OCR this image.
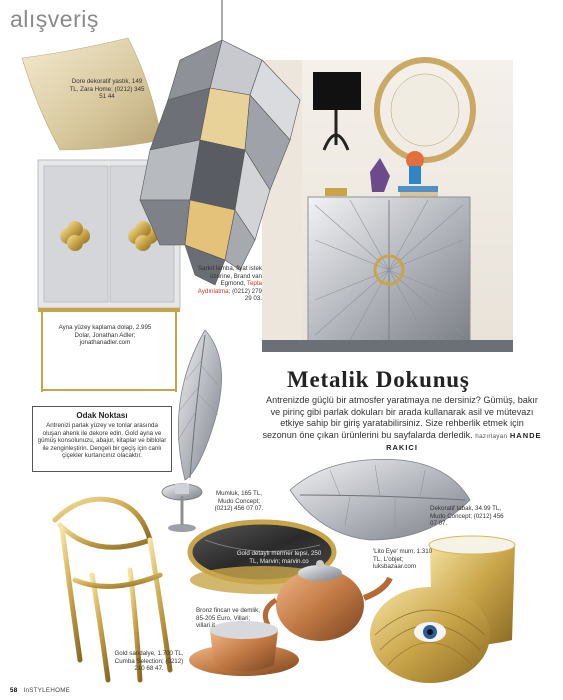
alışveriş
Dore dekoratif yastık, 149 TL, Zara Home; (0212) 345 51 44
Sarkıt lamba, fiyat istek üzerine, Brand van Egmond, Tepta Aydınlatma; (0212) 279 29 03.
Ayna yüzey kaplama dolap, 2.995 Dolar, Jonathan Adler; jonathanadler.com
Mumluk, 165 TL, Mudo Concept; (0212) 456 07 07.	Dekoratif tabak, 34.99 TL, Mudo Concept; (0212) 456 07 07.
Gold detaylı mermer tepsi, 250 TL, Marvin; marvin.co
'Lito Eye' mum, 1.310 TL, L'objet; luksbazaar.com
Bronz fincan ve demlik, 85-205 Euro, Villari; villari.it
Gold sandalye, 1.700 TL, Cumba Selection; (0212) 210 68 47.
Odak Noktası
Antrenizi parlak yüzey ve tonlar arasında oluşan ahenk ile dekore edin. Gold ayna ve gümüş konsolunuzu, abajur, kitaplar ve biblolar ile zenginleştirin. Dengeli bir geçiş için canlı çiçekler kurtarıcınız olacaktır.
Metalik Dokunuş
Antrenizde güçlü bir atmosfer yaratmaya ne dersiniz? Gümüş, bakır ve pirinç gibi parlak dokuları bir arada kullanarak asil ve mütevazı etkiye sahip bir giriş yaratabilirsiniz. Size rehberlik etmek için sezonun öne çıkan ürünlerini bu sayfalarda derledik. hazırlayan HANDE RAKICI
58 InSTYLEHOME
